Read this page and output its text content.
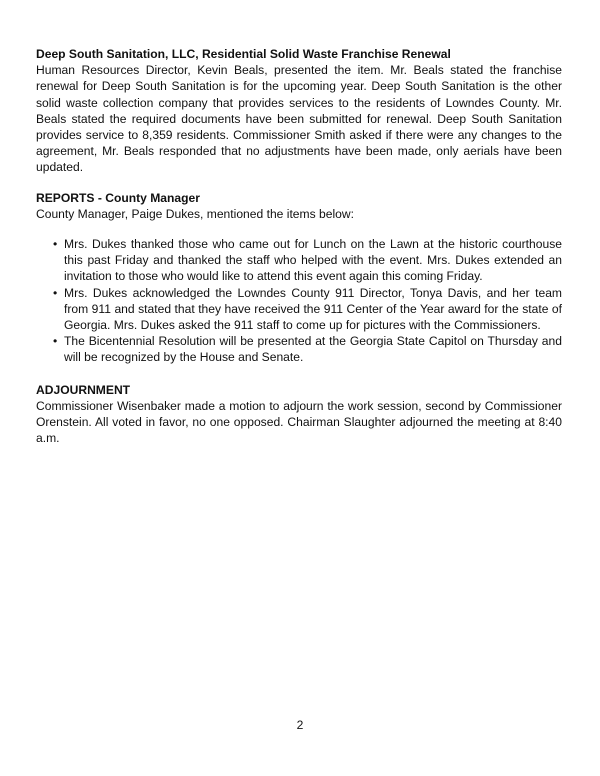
Deep South Sanitation, LLC, Residential Solid Waste Franchise Renewal

Human Resources Director, Kevin Beals, presented the item. Mr. Beals stated the franchise renewal for Deep South Sanitation is for the upcoming year. Deep South Sanitation is the other solid waste collection company that provides services to the residents of Lowndes County. Mr. Beals stated the required documents have been submitted for renewal. Deep South Sanitation provides service to 8,359 residents. Commissioner Smith asked if there were any changes to the agreement, Mr. Beals responded that no adjustments have been made, only aerials have been updated.

REPORTS - County Manager

County Manager, Paige Dukes, mentioned the items below:

• Mrs. Dukes thanked those who came out for Lunch on the Lawn at the historic courthouse this past Friday and thanked the staff who helped with the event. Mrs. Dukes extended an invitation to those who would like to attend this event again this coming Friday.
• Mrs. Dukes acknowledged the Lowndes County 911 Director, Tonya Davis, and her team from 911 and stated that they have received the 911 Center of the Year award for the state of Georgia. Mrs. Dukes asked the 911 staff to come up for pictures with the Commissioners.
• The Bicentennial Resolution will be presented at the Georgia State Capitol on Thursday and will be recognized by the House and Senate.

ADJOURNMENT

Commissioner Wisenbaker made a motion to adjourn the work session, second by Commissioner Orenstein. All voted in favor, no one opposed. Chairman Slaughter adjourned the meeting at 8:40 a.m.

2
